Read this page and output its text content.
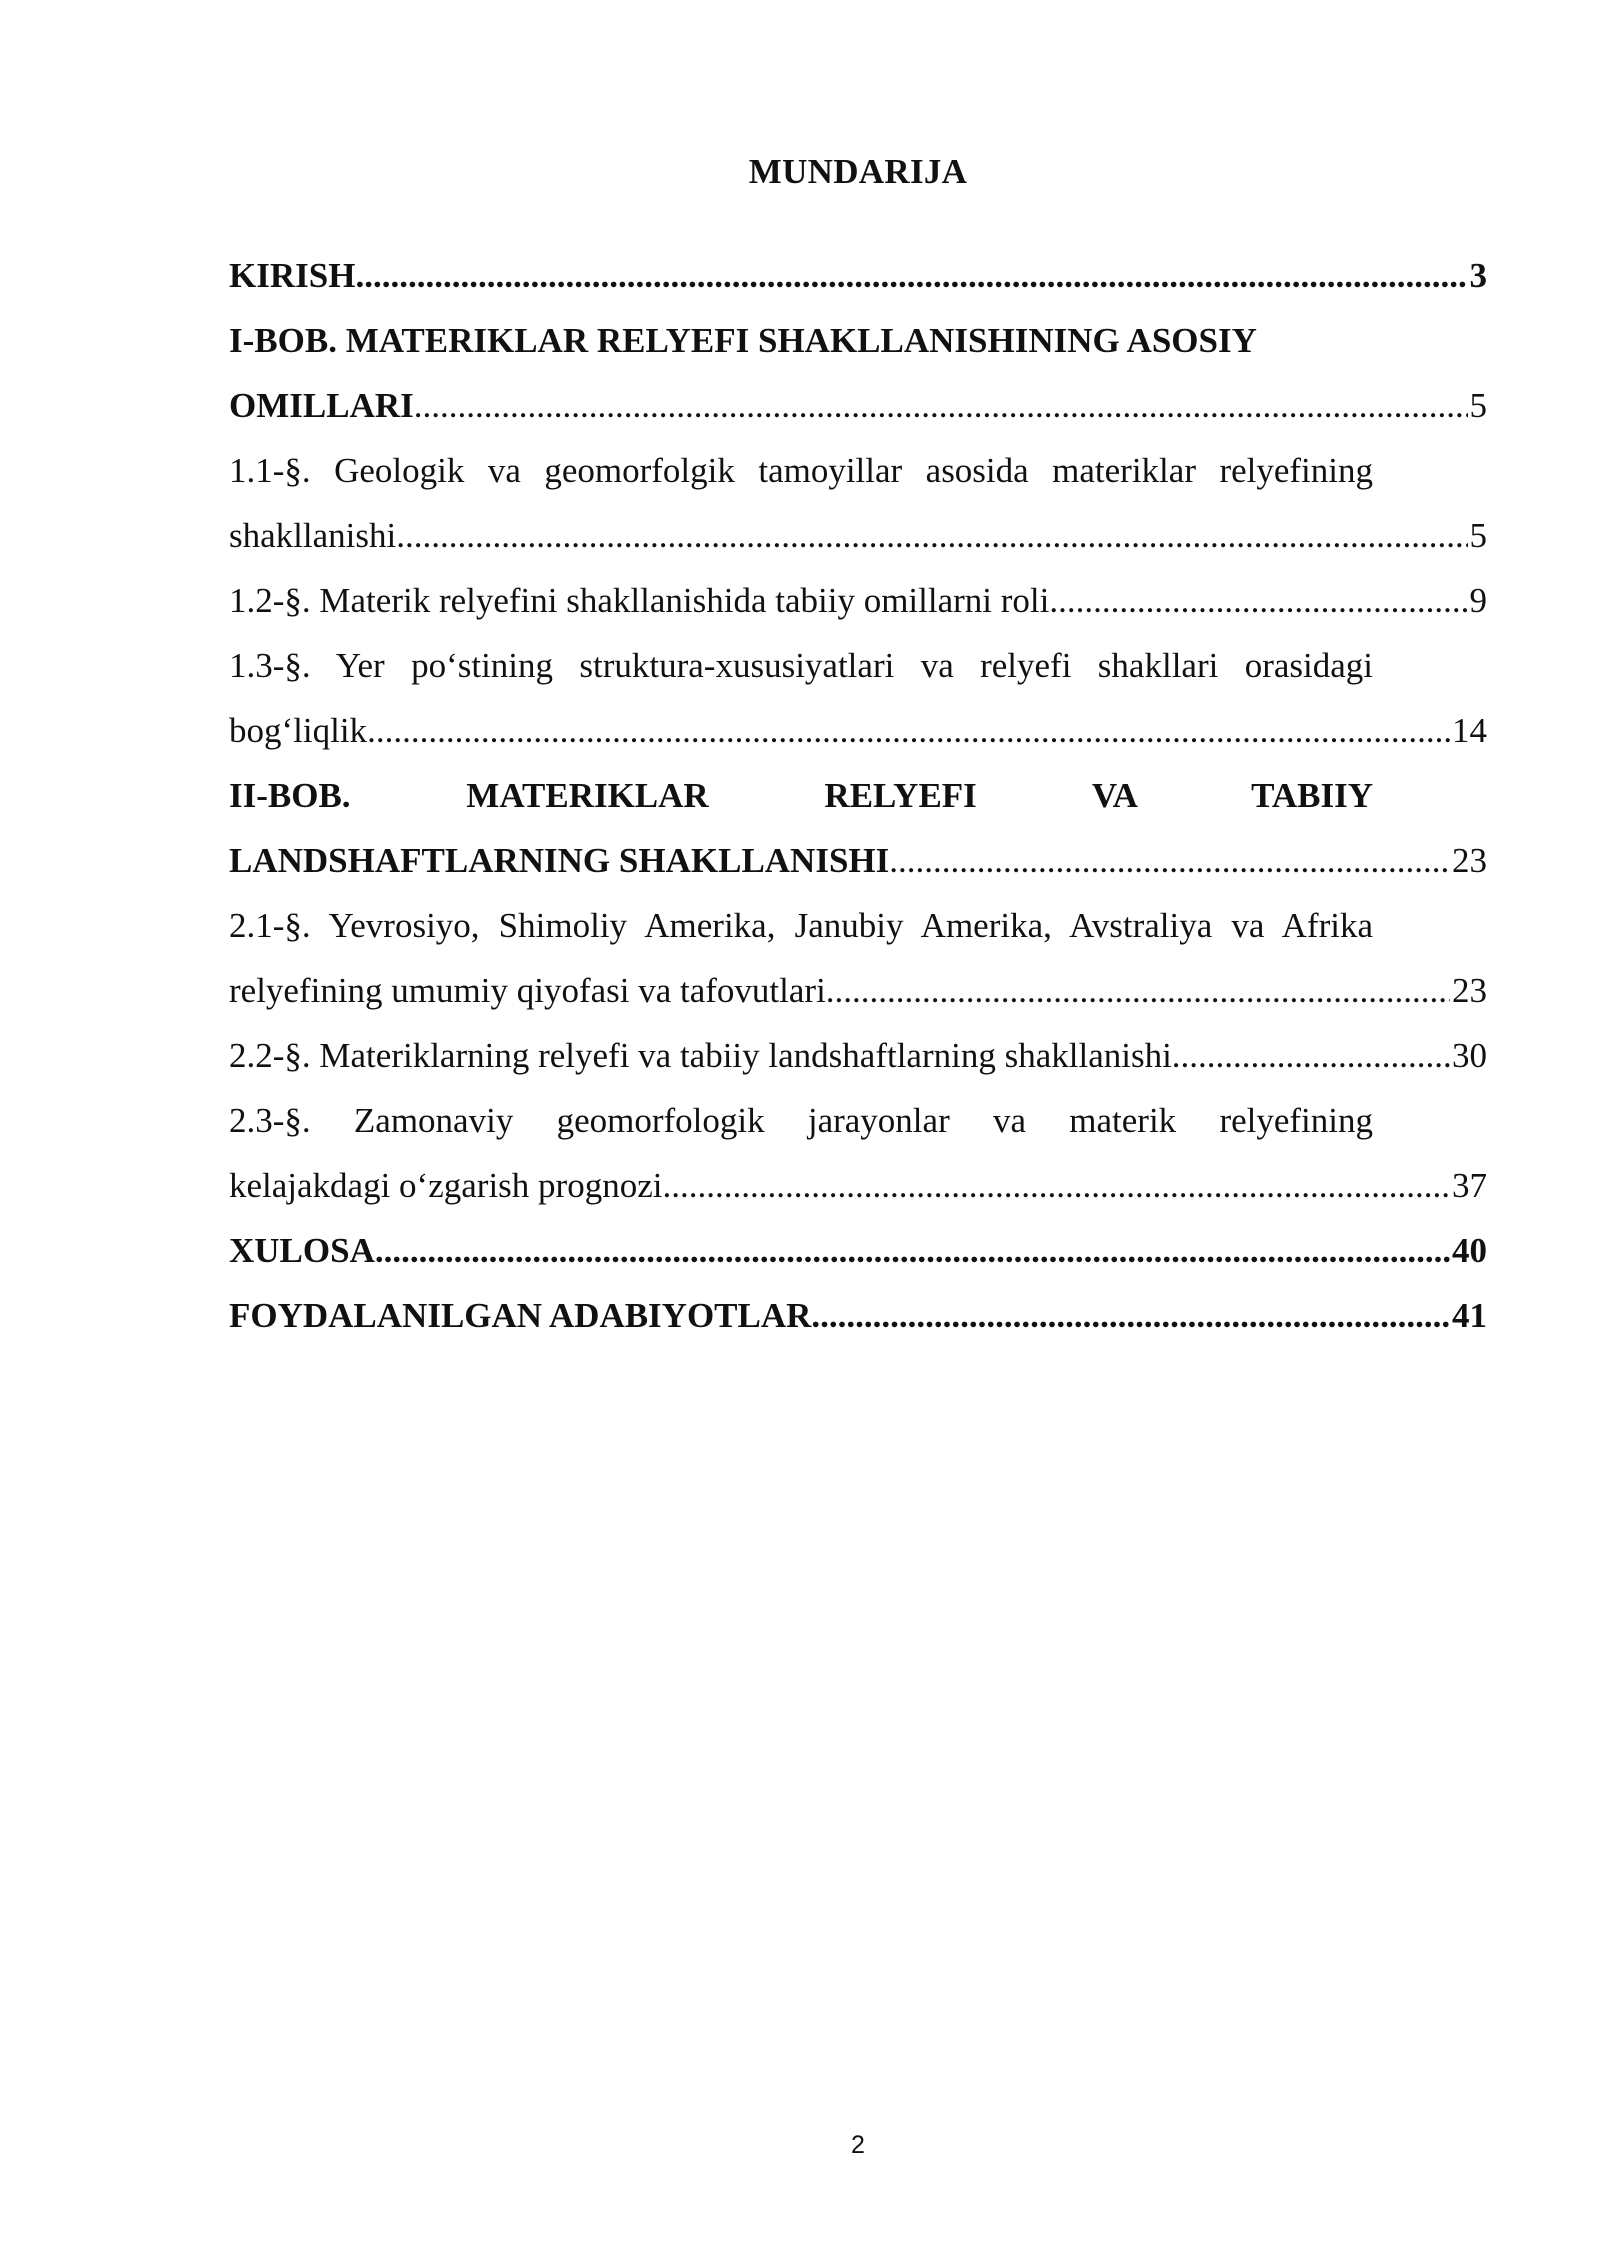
MUNDARIJA
KIRISH .....	3
I-BOB. MATERIKLAR RELYEFI SHAKLLANISHINING ASOSIY
OMILLARI .....	5
1.1-§. Geologik va geomorfolgik tamoyillar asosida materiklar relyefining
shakllanishi .....	5
1.2-§. Materik relyefini shakllanishida tabiiy omillarni roli .....	9
1.3-§. Yer po‘stining struktura-xususiyatlari va relyefi shakllari orasidagi
bog‘liqlik .....	14
II-BOB. MATERIKLAR RELYEFI VA TABIIY
LANDSHAFTLARNING SHAKLLANISHI .....	23
2.1-§. Yevrosiyo, Shimoliy Amerika, Janubiy Amerika, Avstraliya va Afrika
relyefining umumiy qiyofasi va tafovutlari .....	23
2.2-§. Materiklarning relyefi va tabiiy landshaftlarning shakllanishi .....	30
2.3-§. Zamonaviy geomorfologik jarayonlar va materik relyefining
kelajakdagi o‘zgarish prognozi .....	37
XULOSA .....	40
FOYDALANILGAN ADABIYOTLAR .....	41
2
